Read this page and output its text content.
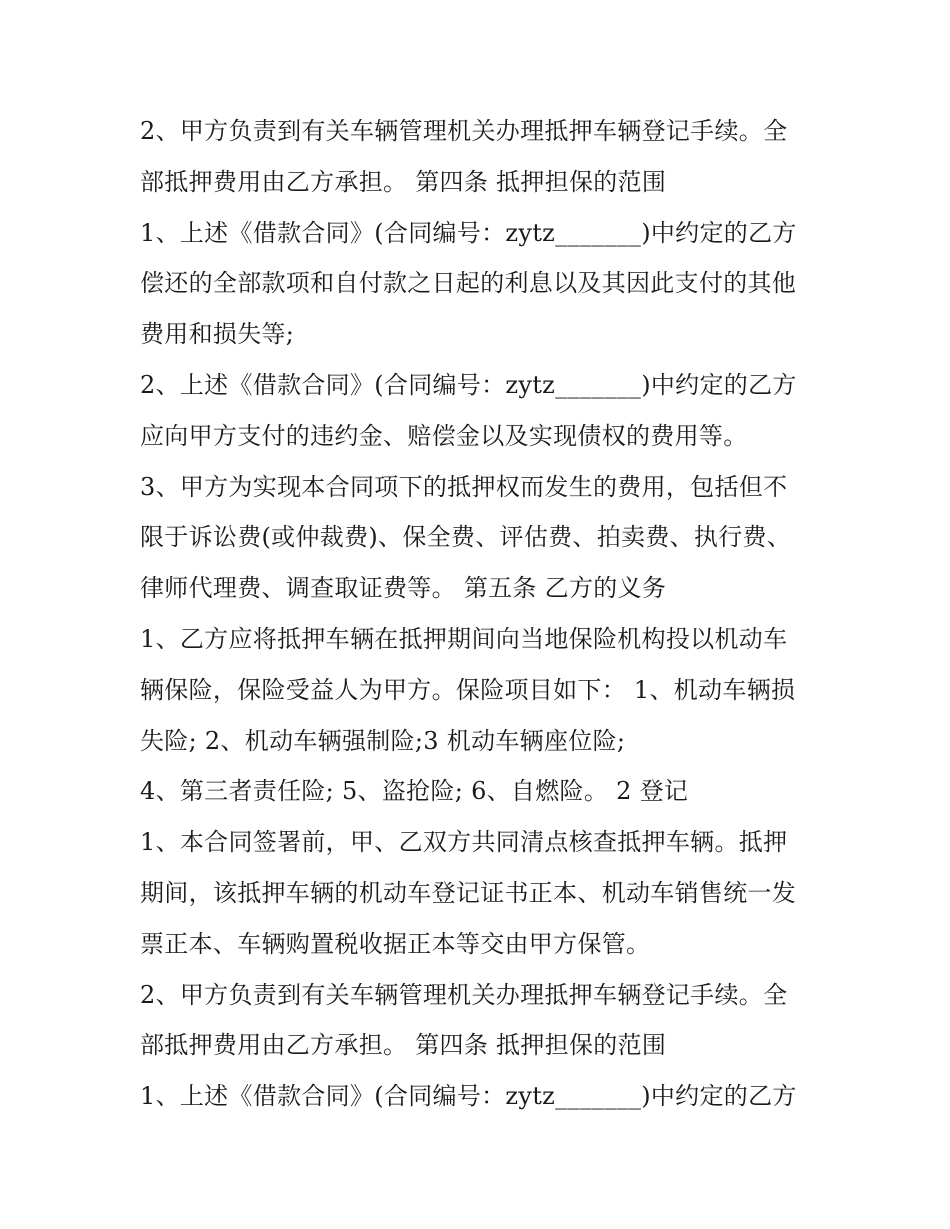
2、甲方负责到有关车辆管理机关办理抵押车辆登记手续。全
部抵押费用由乙方承担。 第四条 抵押担保的范围
1、上述《借款合同》(合同编号：zytz_______)中约定的乙方
偿还的全部款项和自付款之日起的利息以及其因此支付的其他
费用和损失等;
2、上述《借款合同》(合同编号：zytz_______)中约定的乙方
应向甲方支付的违约金、赔偿金以及实现债权的费用等。
3、甲方为实现本合同项下的抵押权而发生的费用，包括但不
限于诉讼费(或仲裁费)、保全费、评估费、拍卖费、执行费、
律师代理费、调查取证费等。 第五条 乙方的义务
1、乙方应将抵押车辆在抵押期间向当地保险机构投以机动车
辆保险，保险受益人为甲方。保险项目如下： 1、机动车辆损
失险; 2、机动车辆强制险;3 机动车辆座位险;
4、第三者责任险; 5、盗抢险; 6、自燃险。 2 登记
1、本合同签署前，甲、乙双方共同清点核查抵押车辆。抵押
期间，该抵押车辆的机动车登记证书正本、机动车销售统一发
票正本、车辆购置税收据正本等交由甲方保管。
2、甲方负责到有关车辆管理机关办理抵押车辆登记手续。全
部抵押费用由乙方承担。 第四条 抵押担保的范围
1、上述《借款合同》(合同编号：zytz_______)中约定的乙方
